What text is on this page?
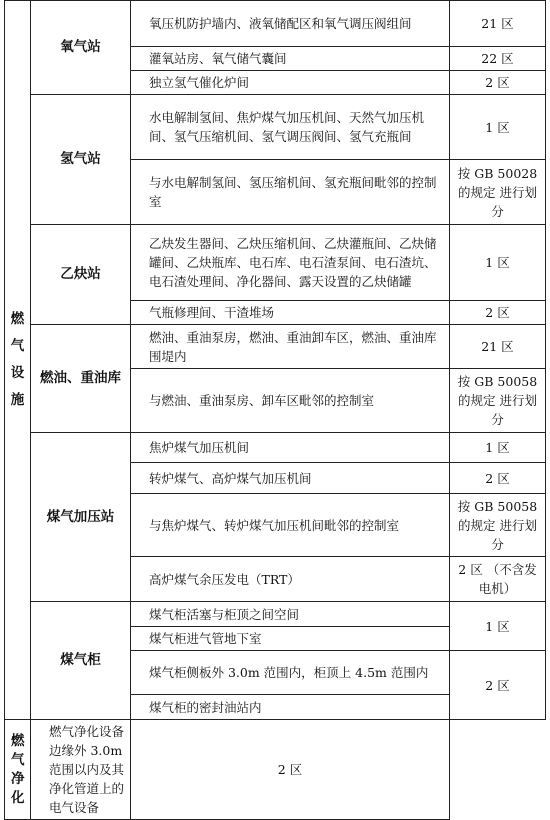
燃气设施	氧气站	氧压机防护墙内、液氧储配区和氧气调压阀组间	21 区
		灌氧站房、氧气储气囊间	22 区
		独立氢气催化炉间	2 区
	氢气站	水电解制氢间、焦炉煤气加压机间、天然气加压机间、氢气压缩机间、氢气调压阀间、氢气充瓶间	1 区
		与水电解制氢间、氢压缩机间、氢充瓶间毗邻的控制室	按 GB 50028 的规定 进行划分
	乙炔站	乙炔发生器间、乙炔压缩机间、乙炔灌瓶间、乙炔储罐间、乙炔瓶库、电石库、电石渣泵间、电石渣坑、电石渣处理间、净化器间、露天设置的乙炔储罐	1 区
		气瓶修理间、干渣堆场	2 区
	燃油、重油库	燃油、重油泵房，燃油、重油卸车区，燃油、重油库围堤内	21 区
		与燃油、重油泵房、卸车区毗邻的控制室	按 GB 50058 的规定 进行划分
	煤气加压站	焦炉煤气加压机间	1 区
		转炉煤气、高炉煤气加压机间	2 区
		与焦炉煤气、转炉煤气加压机间毗邻的控制室	按 GB 50058 的规定 进行划分
		高炉煤气余压发电（TRT）	2 区 （不含发电机）
	煤气柜	煤气柜活塞与柜顶之间空间	1 区
		煤气柜进气管地下室	
		煤气柜侧板外 3.0m 范围内，柜顶上 4.5m 范围内	2 区
		煤气柜的密封油站内	
燃气净化	燃气净化设备边缘外 3.0m 范围以内及其净化管道上的电气设备	2 区	
